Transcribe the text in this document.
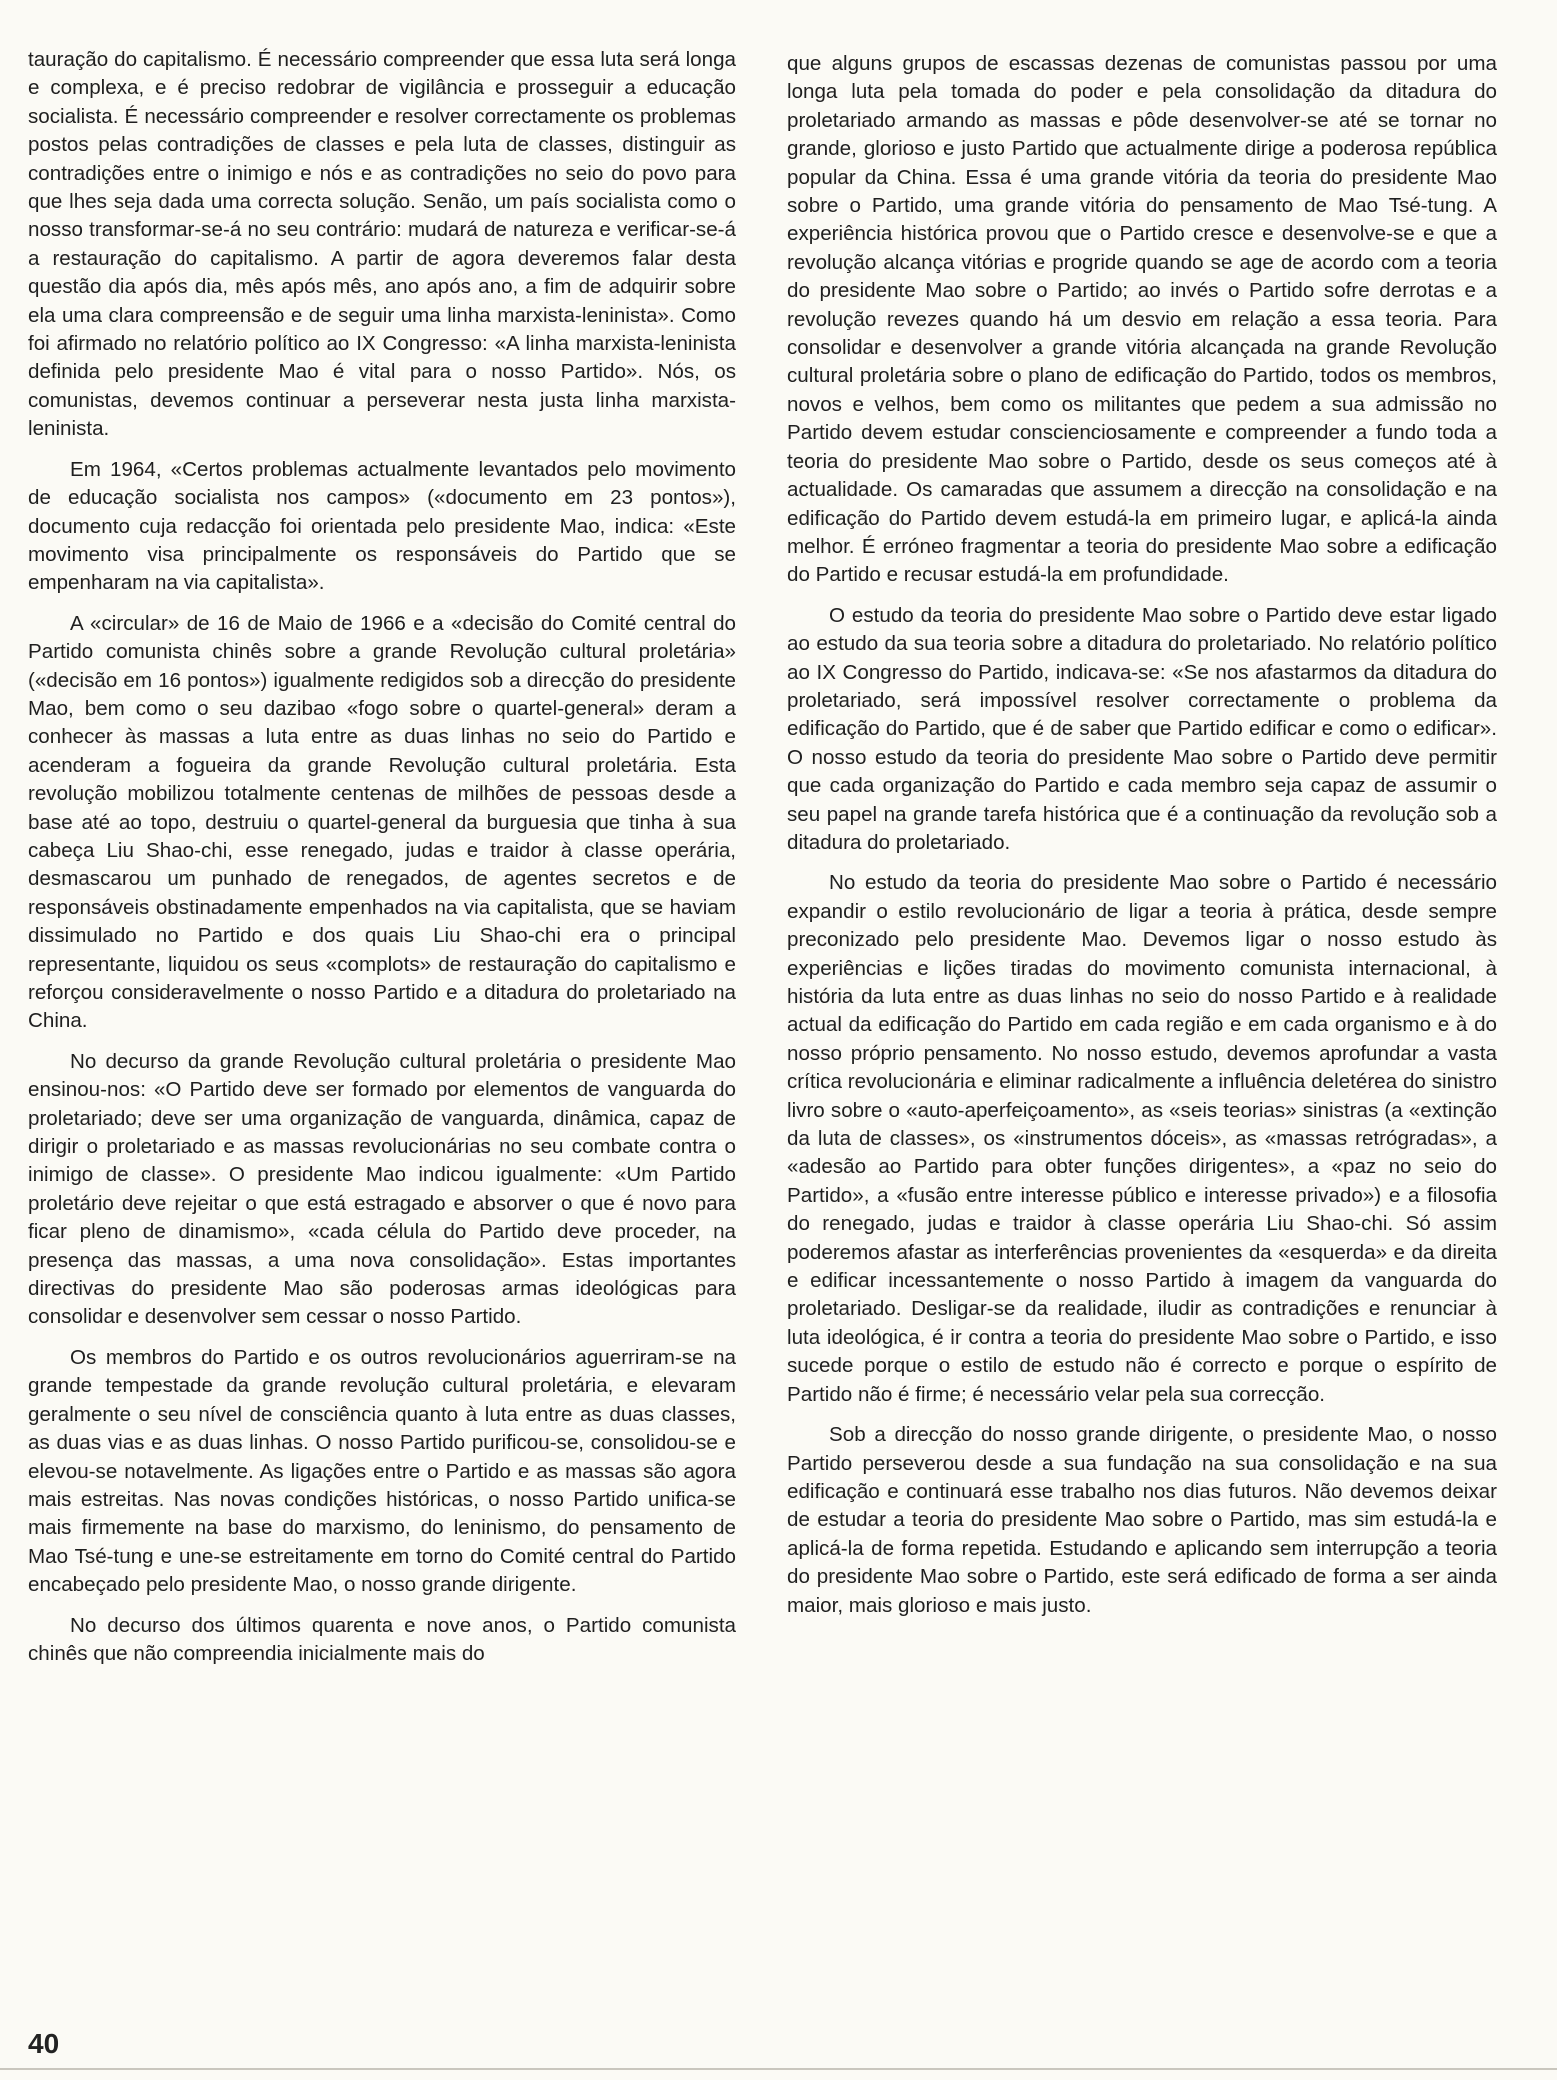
tauração do capitalismo. É necessário compreender que essa luta será longa e complexa, e é preciso redobrar de vigilância e prosseguir a educação socialista. É necessário compreender e resolver correctamente os problemas postos pelas contradições de classes e pela luta de classes, distinguir as contradições entre o inimigo e nós e as contradições no seio do povo para que lhes seja dada uma correcta solução. Senão, um país socialista como o nosso transformar-se-á no seu contrário: mudará de natureza e verificar-se-á a restauração do capitalismo. A partir de agora deveremos falar desta questão dia após dia, mês após mês, ano após ano, a fim de adquirir sobre ela uma clara compreensão e de seguir uma linha marxista-leninista». Como foi afirmado no relatório político ao IX Congresso: «A linha marxista-leninista definida pelo presidente Mao é vital para o nosso Partido». Nós, os comunistas, devemos continuar a perseverar nesta justa linha marxista-leninista.

Em 1964, «Certos problemas actualmente levantados pelo movimento de educação socialista nos campos» («documento em 23 pontos»), documento cuja redacção foi orientada pelo presidente Mao, indica: «Este movimento visa principalmente os responsáveis do Partido que se empenharam na via capitalista».

A «circular» de 16 de Maio de 1966 e a «decisão do Comité central do Partido comunista chinês sobre a grande Revolução cultural proletária» («decisão em 16 pontos») igualmente redigidos sob a direcção do presidente Mao, bem como o seu dazibao «fogo sobre o quartel-general» deram a conhecer às massas a luta entre as duas linhas no seio do Partido e acenderam a fogueira da grande Revolução cultural proletária. Esta revolução mobilizou totalmente centenas de milhões de pessoas desde a base até ao topo, destruiu o quartel-general da burguesia que tinha à sua cabeça Liu Shao-chi, esse renegado, judas e traidor à classe operária, desmascarou um punhado de renegados, de agentes secretos e de responsáveis obstinadamente empenhados na via capitalista, que se haviam dissimulado no Partido e dos quais Liu Shao-chi era o principal representante, liquidou os seus «complots» de restauração do capitalismo e reforçou consideravelmente o nosso Partido e a ditadura do proletariado na China.

No decurso da grande Revolução cultural proletária o presidente Mao ensinou-nos: «O Partido deve ser formado por elementos de vanguarda do proletariado; deve ser uma organização de vanguarda, dinâmica, capaz de dirigir o proletariado e as massas revolucionárias no seu combate contra o inimigo de classe». O presidente Mao indicou igualmente: «Um Partido proletário deve rejeitar o que está estragado e absorver o que é novo para ficar pleno de dinamismo», «cada célula do Partido deve proceder, na presença das massas, a uma nova consolidação». Estas importantes directivas do presidente Mao são poderosas armas ideológicas para consolidar e desenvolver sem cessar o nosso Partido.

Os membros do Partido e os outros revolucionários aguerriram-se na grande tempestade da grande revolução cultural proletária, e elevaram geralmente o seu nível de consciência quanto à luta entre as duas classes, as duas vias e as duas linhas. O nosso Partido purificou-se, consolidou-se e elevou-se notavelmente. As ligações entre o Partido e as massas são agora mais estreitas. Nas novas condições históricas, o nosso Partido unifica-se mais firmemente na base do marxismo, do leninismo, do pensamento de Mao Tsé-tung e une-se estreitamente em torno do Comité central do Partido encabeçado pelo presidente Mao, o nosso grande dirigente.

No decurso dos últimos quarenta e nove anos, o Partido comunista chinês que não compreendia inicialmente mais do

que alguns grupos de escassas dezenas de comunistas passou por uma longa luta pela tomada do poder e pela consolidação da ditadura do proletariado armando as massas e pôde desenvolver-se até se tornar no grande, glorioso e justo Partido que actualmente dirige a poderosa república popular da China. Essa é uma grande vitória da teoria do presidente Mao sobre o Partido, uma grande vitória do pensamento de Mao Tsé-tung. A experiência histórica provou que o Partido cresce e desenvolve-se e que a revolução alcança vitórias e progride quando se age de acordo com a teoria do presidente Mao sobre o Partido; ao invés o Partido sofre derrotas e a revolução revezes quando há um desvio em relação a essa teoria. Para consolidar e desenvolver a grande vitória alcançada na grande Revolução cultural proletária sobre o plano de edificação do Partido, todos os membros, novos e velhos, bem como os militantes que pedem a sua admissão no Partido devem estudar conscienciosamente e compreender a fundo toda a teoria do presidente Mao sobre o Partido, desde os seus começos até à actualidade. Os camaradas que assumem a direcção na consolidação e na edificação do Partido devem estudá-la em primeiro lugar, e aplicá-la ainda melhor. É erróneo fragmentar a teoria do presidente Mao sobre a edificação do Partido e recusar estudá-la em profundidade.

O estudo da teoria do presidente Mao sobre o Partido deve estar ligado ao estudo da sua teoria sobre a ditadura do proletariado. No relatório político ao IX Congresso do Partido, indicava-se: «Se nos afastarmos da ditadura do proletariado, será impossível resolver correctamente o problema da edificação do Partido, que é de saber que Partido edificar e como o edificar». O nosso estudo da teoria do presidente Mao sobre o Partido deve permitir que cada organização do Partido e cada membro seja capaz de assumir o seu papel na grande tarefa histórica que é a continuação da revolução sob a ditadura do proletariado.

No estudo da teoria do presidente Mao sobre o Partido é necessário expandir o estilo revolucionário de ligar a teoria à prática, desde sempre preconizado pelo presidente Mao. Devemos ligar o nosso estudo às experiências e lições tiradas do movimento comunista internacional, à história da luta entre as duas linhas no seio do nosso Partido e à realidade actual da edificação do Partido em cada região e em cada organismo e à do nosso próprio pensamento. No nosso estudo, devemos aprofundar a vasta crítica revolucionária e eliminar radicalmente a influência deletérea do sinistro livro sobre o «auto-aperfeiçoamento», as «seis teorias» sinistras (a «extinção da luta de classes», os «instrumentos dóceis», as «massas retrógradas», a «adesão ao Partido para obter funções dirigentes», a «paz no seio do Partido», a «fusão entre interesse público e interesse privado») e a filosofia do renegado, judas e traidor à classe operária Liu Shao-chi. Só assim poderemos afastar as interferências provenientes da «esquerda» e da direita e edificar incessantemente o nosso Partido à imagem da vanguarda do proletariado. Desligar-se da realidade, iludir as contradições e renunciar à luta ideológica, é ir contra a teoria do presidente Mao sobre o Partido, e isso sucede porque o estilo de estudo não é correcto e porque o espírito de Partido não é firme; é necessário velar pela sua correcção.

Sob a direcção do nosso grande dirigente, o presidente Mao, o nosso Partido perseverou desde a sua fundação na sua consolidação e na sua edificação e continuará esse trabalho nos dias futuros. Não devemos deixar de estudar a teoria do presidente Mao sobre o Partido, mas sim estudá-la e aplicá-la de forma repetida. Estudando e aplicando sem interrupção a teoria do presidente Mao sobre o Partido, este será edificado de forma a ser ainda maior, mais glorioso e mais justo.

40
